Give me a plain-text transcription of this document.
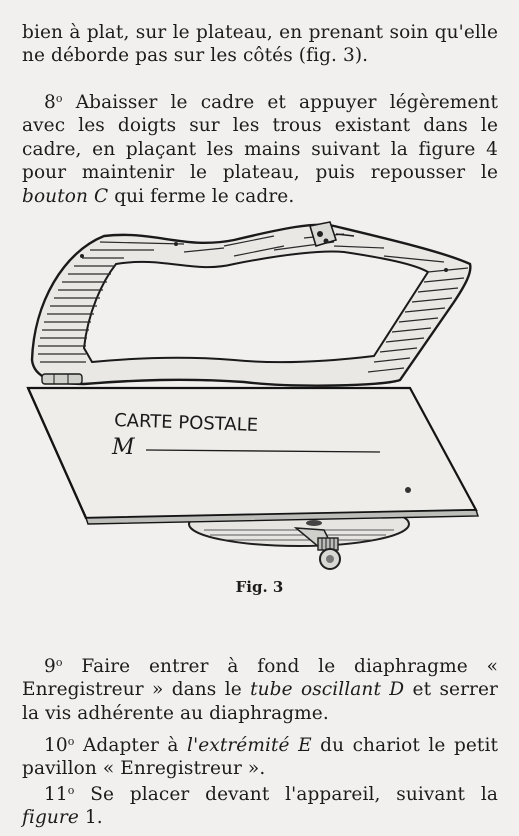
bien à plat, sur le plateau, en prenant soin qu'elle ne déborde pas sur les côtés (fig. 3).

8$^o$ Abaisser le cadre et appuyer légèrement avec les doigts sur les trous existant dans le cadre, en plaçant les mains suivant la figure 4 pour maintenir le plateau, puis repousser le bouton C qui ferme le cadre.

CARTE POSTALE
M
Fig. 3

9$^o$ Faire entrer à fond le diaphragme « Enregistreur » dans le tube oscillant D et serrer la vis adhérente au diaphragme.

10$^o$ Adapter à l'extrémité E du chariot le petit pavillon « Enregistreur ».

11$^o$ Se placer devant l'appareil, suivant la figure 1.
